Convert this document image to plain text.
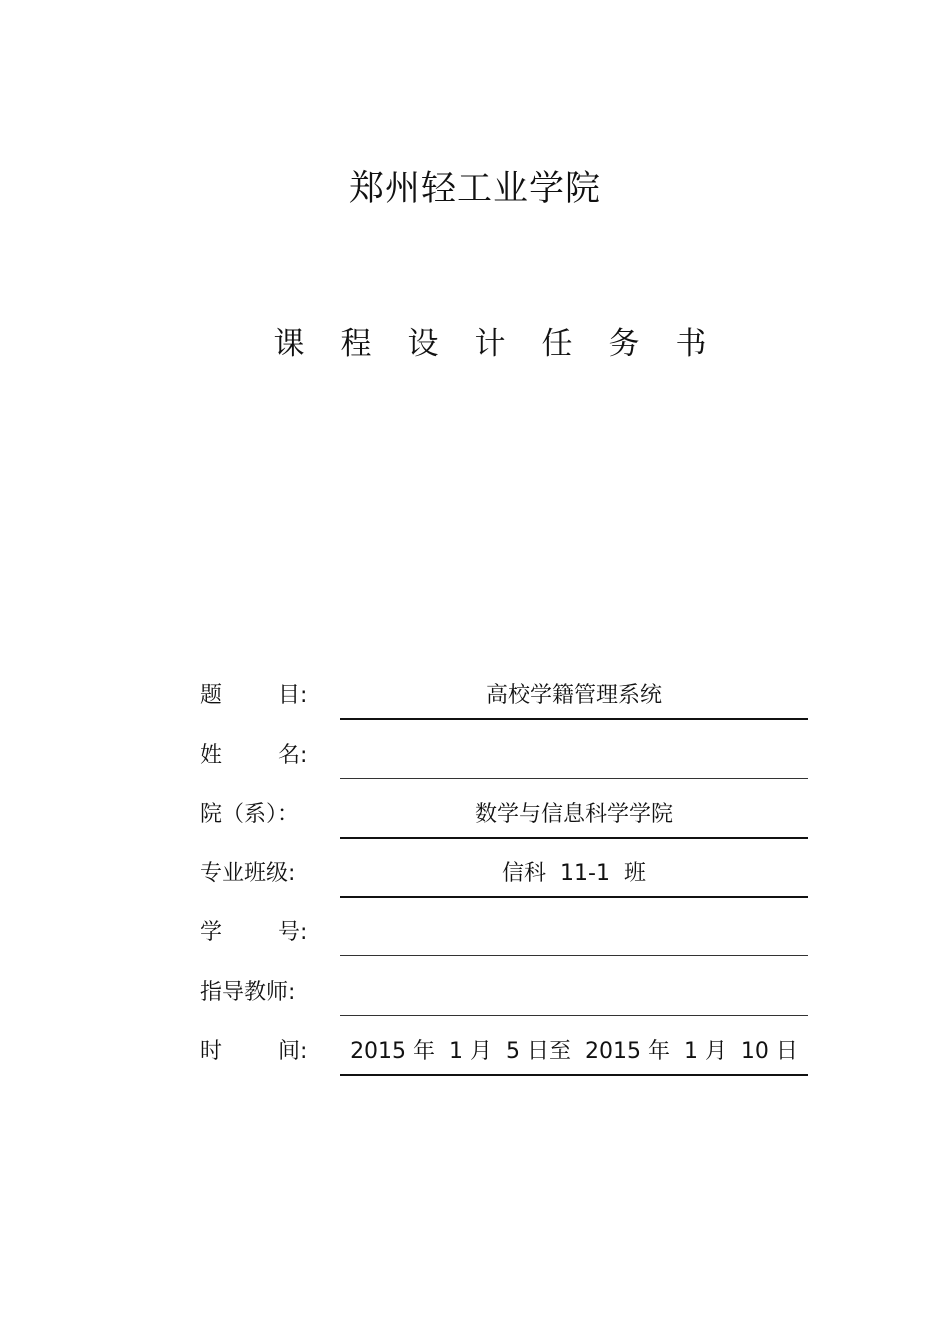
郑州轻工业学院
课 程 设 计 任 务 书
题        目:	高校学籍管理系统
姓        名:
院（系）：	数学与信息科学学院
专业班级:	信科  11-1  班
学        号:
指导教师:
时        间:	2015 年  1 月  5 日至  2015 年  1 月  10 日
